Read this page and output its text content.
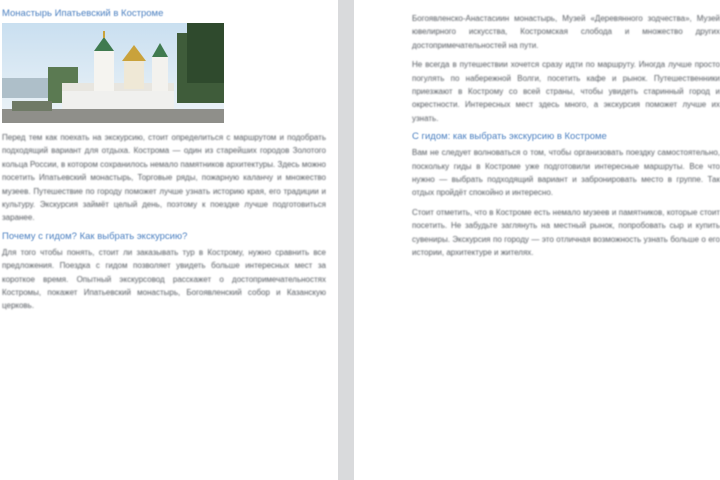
Монастырь Ипатьевский в Костроме

Перед тем как поехать на экскурсию, стоит определиться с маршрутом и подобрать подходящий вариант для отдыха. Кострома — один из старейших городов Золотого кольца России, в котором сохранилось немало памятников архитектуры. Здесь можно посетить Ипатьевский монастырь, Торговые ряды, пожарную каланчу и множество музеев. Путешествие по городу поможет лучше узнать историю края, его традиции и культуру. Экскурсия займёт целый день, поэтому к поездке лучше подготовиться заранее.

Почему с гидом? Как выбрать экскурсию?

Для того чтобы понять, стоит ли заказывать тур в Кострому, нужно сравнить все предложения. Поездка с гидом позволяет увидеть больше интересных мест за короткое время. Опытный экскурсовод расскажет о достопримечательностях Костромы, покажет Ипатьевский монастырь, Богоявленский собор и Казанскую церковь.

Богоявленско-Анастасиин монастырь, Музей «Деревянного зодчества», Музей ювелирного искусства, Костромская слобода и множество других достопримечательностей на пути.

Не всегда в путешествии хочется сразу идти по маршруту. Иногда лучше просто погулять по набережной Волги, посетить кафе и рынок. Путешественники приезжают в Кострому со всей страны, чтобы увидеть старинный город и окрестности. Интересных мест здесь много, а экскурсия поможет лучше их узнать.

С гидом: как выбрать экскурсию в Костроме

Вам не следует волноваться о том, чтобы организовать поездку самостоятельно, поскольку гиды в Костроме уже подготовили интересные маршруты. Все что нужно — выбрать подходящий вариант и забронировать место в группе. Так отдых пройдёт спокойно и интересно.

Стоит отметить, что в Костроме есть немало музеев и памятников, которые стоит посетить. Не забудьте заглянуть на местный рынок, попробовать сыр и купить сувениры. Экскурсия по городу — это отличная возможность узнать больше о его истории, архитектуре и жителях.
